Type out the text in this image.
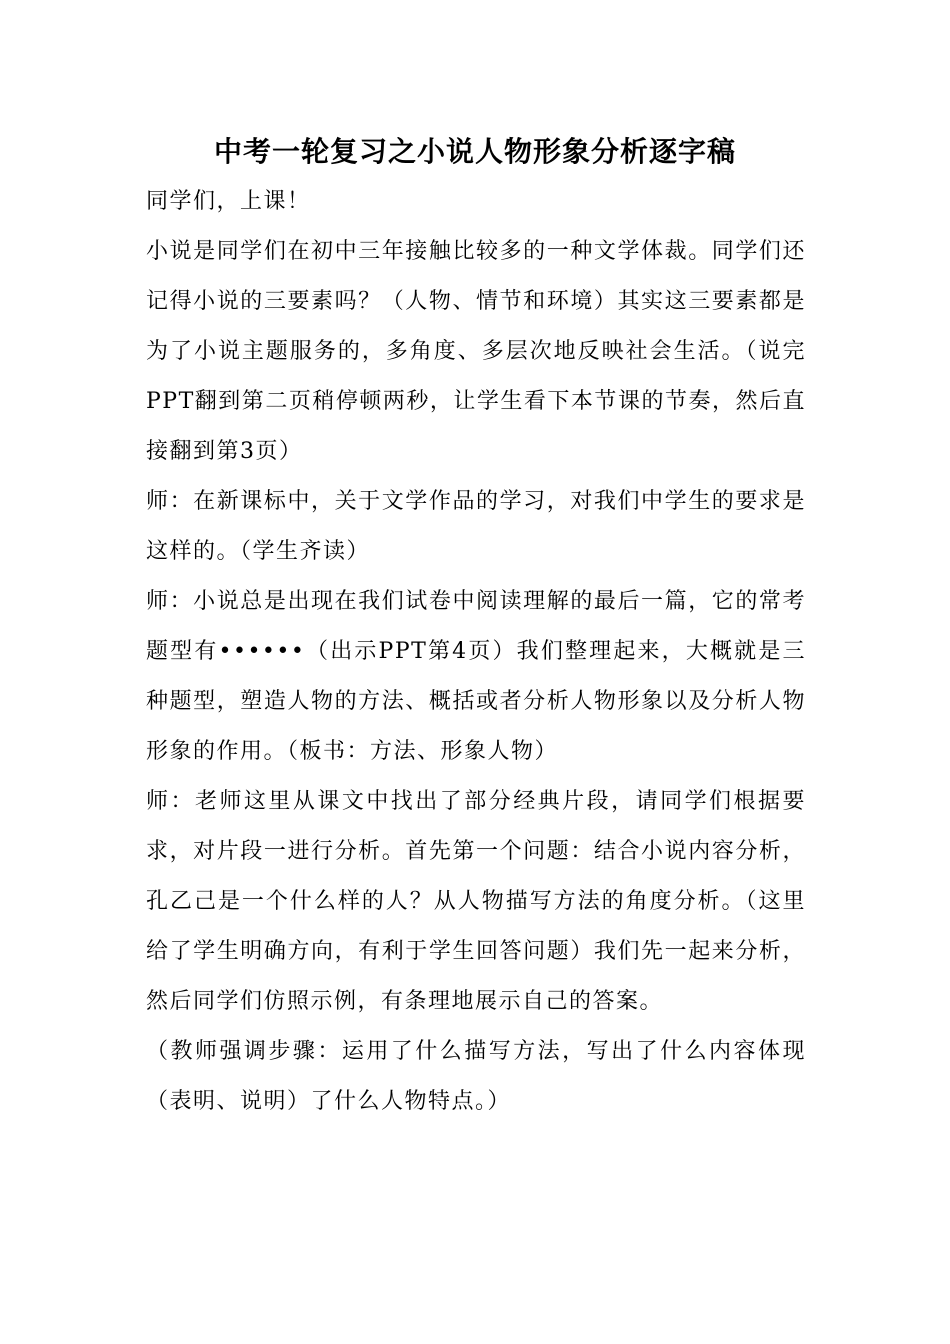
中考一轮复习之小说人物形象分析逐字稿

同学们，上课！

小说是同学们在初中三年接触比较多的一种文学体裁。同学们还记得小说的三要素吗？（人物、情节和环境）其实这三要素都是为了小说主题服务的，多角度、多层次地反映社会生活。（说完PPT翻到第二页稍停顿两秒，让学生看下本节课的节奏，然后直接翻到第3页）

师：在新课标中，关于文学作品的学习，对我们中学生的要求是这样的。（学生齐读）

师：小说总是出现在我们试卷中阅读理解的最后一篇，它的常考题型有••••••（出示PPT第4页）我们整理起来，大概就是三种题型，塑造人物的方法、概括或者分析人物形象以及分析人物形象的作用。（板书：方法、形象人物）

师：老师这里从课文中找出了部分经典片段，请同学们根据要求，对片段一进行分析。首先第一个问题：结合小说内容分析，孔乙己是一个什么样的人？从人物描写方法的角度分析。（这里给了学生明确方向，有利于学生回答问题）我们先一起来分析，然后同学们仿照示例，有条理地展示自己的答案。

（教师强调步骤：运用了什么描写方法，写出了什么内容体现（表明、说明）了什么人物特点。）
